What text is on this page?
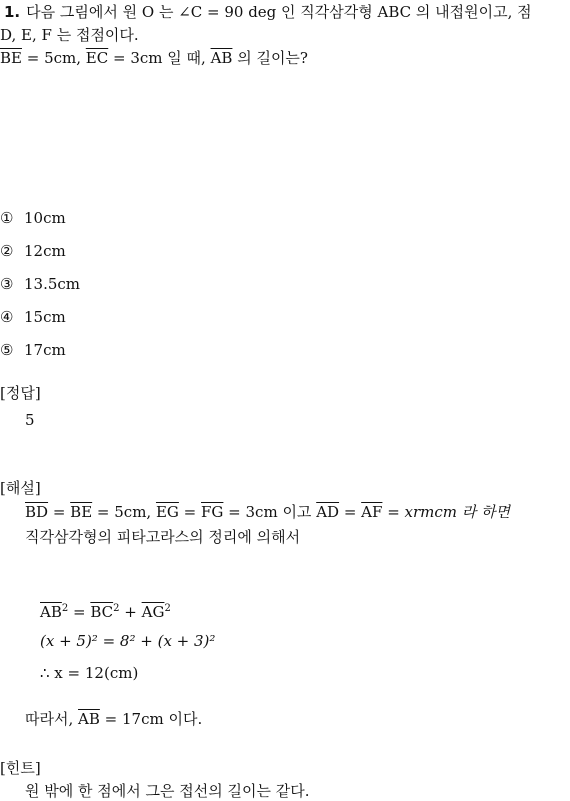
1. 다음 그림에서 원 O 는 ∠C = 90 deg 인 직각삼각형 ABC 의 내접원이고, 점
D, E, F 는 접점이다.
$\overline{BE} = 5cm$, $\overline{EC} = 3cm$ 일 때, $\overline{AB}$ 의 길이는?
① 10cm
② 12cm
③ 13.5cm
④ 15cm
⑤ 17cm
[정답]
5
[해설]
$\overline{BD} = \overline{BE} = 5cm$, $\overline{EG} = \overline{FG} = 3cm$ 이고 $\overline{AD} = \overline{AF}$ = xrmcm 라 하면
직각삼각형의 피타고라스의 정리에 의해서
$\overline{AB}^2 = \overline{BC}^2 + \overline{AG}^2$
(x + 5)² = 8² + (x + 3)²
∴ x = 12(cm)
따라서, $\overline{AB} = 17cm$ 이다.
[힌트]
원 밖에 한 점에서 그은 접선의 길이는 같다.
